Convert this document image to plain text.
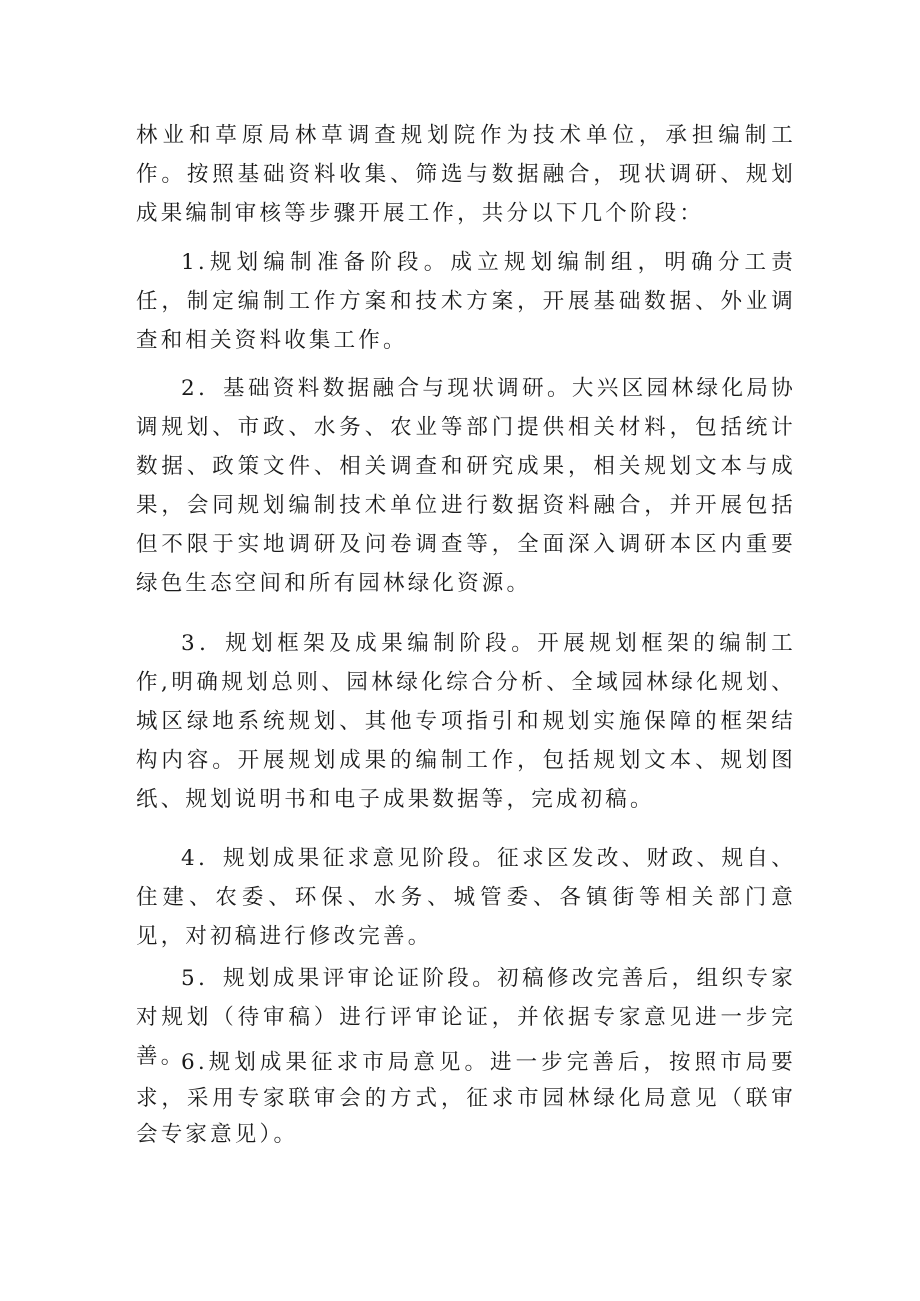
林业和草原局林草调查规划院作为技术单位，承担编制工作。按照基础资料收集、筛选与数据融合，现状调研、规划成果编制审核等步骤开展工作，共分以下几个阶段：

1.规划编制准备阶段。成立规划编制组，明确分工责任，制定编制工作方案和技术方案，开展基础数据、外业调查和相关资料收集工作。

2．基础资料数据融合与现状调研。大兴区园林绿化局协调规划、市政、水务、农业等部门提供相关材料，包括统计数据、政策文件、相关调查和研究成果，相关规划文本与成果，会同规划编制技术单位进行数据资料融合，并开展包括但不限于实地调研及问卷调查等，全面深入调研本区内重要绿色生态空间和所有园林绿化资源。

3．规划框架及成果编制阶段。开展规划框架的编制工作,明确规划总则、园林绿化综合分析、全域园林绿化规划、城区绿地系统规划、其他专项指引和规划实施保障的框架结构内容。开展规划成果的编制工作，包括规划文本、规划图纸、规划说明书和电子成果数据等，完成初稿。

4．规划成果征求意见阶段。征求区发改、财政、规自、住建、农委、环保、水务、城管委、各镇街等相关部门意见，对初稿进行修改完善。

5．规划成果评审论证阶段。初稿修改完善后，组织专家对规划（待审稿）进行评审论证，并依据专家意见进一步完善。

6.规划成果征求市局意见。进一步完善后，按照市局要求，采用专家联审会的方式，征求市园林绿化局意见（联审会专家意见）。
